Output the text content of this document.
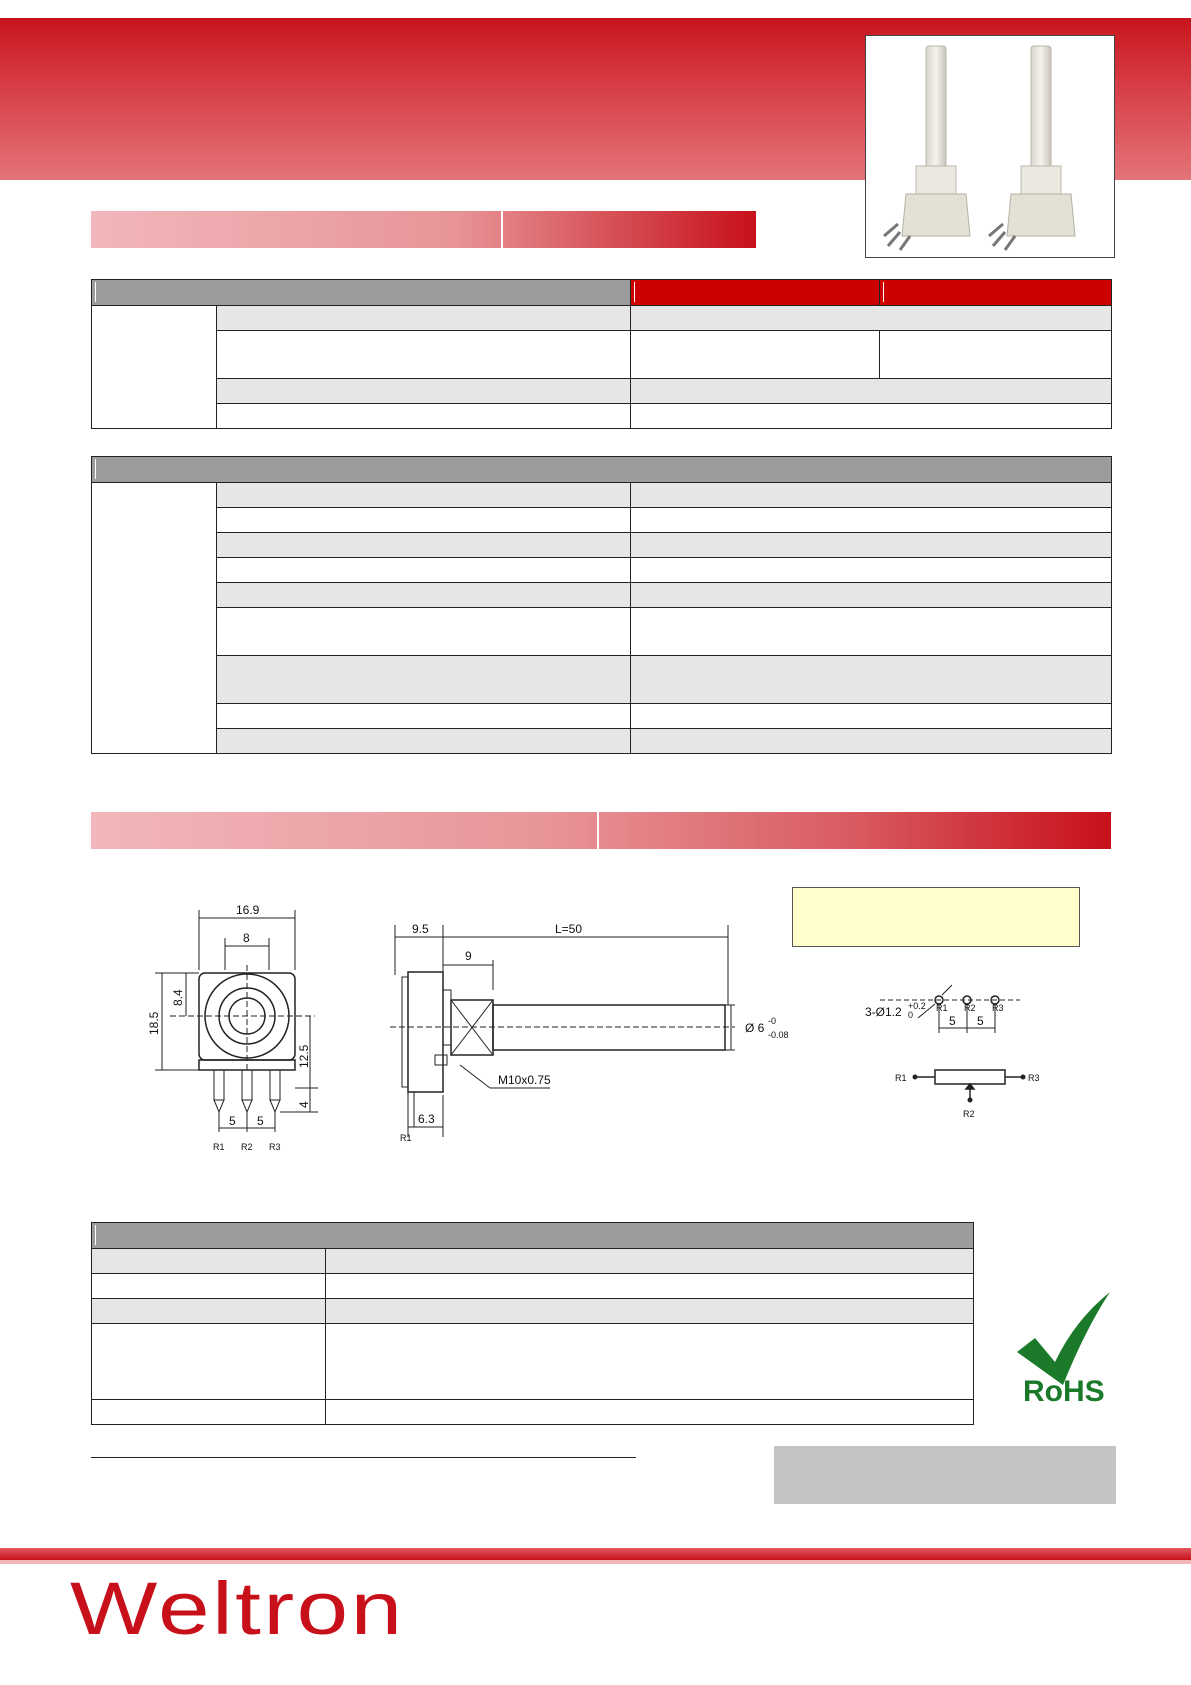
16.9
8
8.4
18.5
12.5
4
5 5
R1 R2 R3
9.5	L=50
9
6.3
M10x0.75
Ø 6 -0
-0.08
R1
3-Ø1.2 +0.2
0
R1 R2 R3
5 5
R1	R3
R2

RoHS
Weltron
